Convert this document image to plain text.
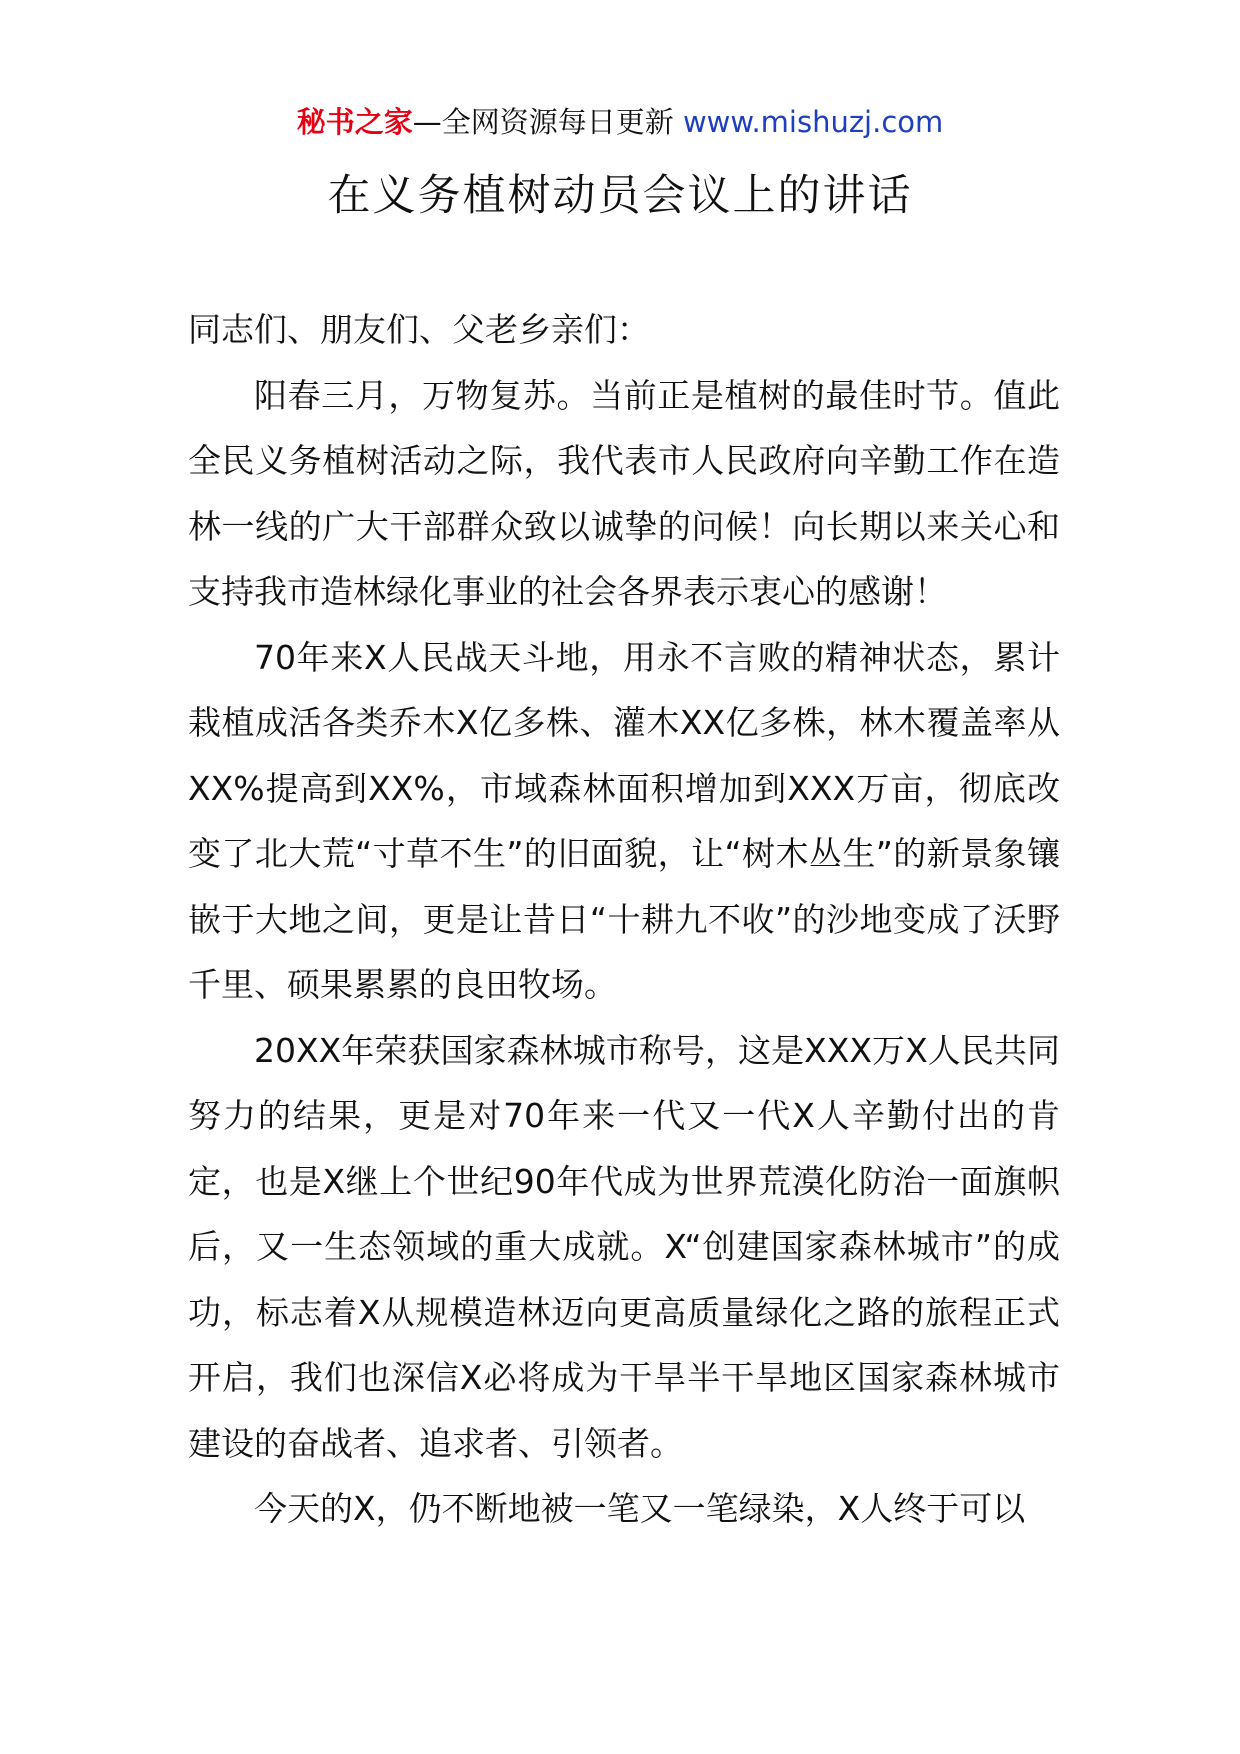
秘书之家—全网资源每日更新 www.mishuzj.com
在义务植树动员会议上的讲话

同志们、朋友们、父老乡亲们：

阳春三月，万物复苏。当前正是植树的最佳时节。值此全民义务植树活动之际，我代表市人民政府向辛勤工作在造林一线的广大干部群众致以诚挚的问候！向长期以来关心和支持我市造林绿化事业的社会各界表示衷心的感谢！

70年来X人民战天斗地，用永不言败的精神状态，累计栽植成活各类乔木X亿多株、灌木XX亿多株，林木覆盖率从XX%提高到XX%，市域森林面积增加到XXX万亩，彻底改变了北大荒“寸草不生”的旧面貌，让“树木丛生”的新景象镶嵌于大地之间，更是让昔日“十耕九不收”的沙地变成了沃野千里、硕果累累的良田牧场。

20XX年荣获国家森林城市称号，这是XXX万X人民共同努力的结果，更是对70年来一代又一代X人辛勤付出的肯定，也是X继上个世纪90年代成为世界荒漠化防治一面旗帜后，又一生态领域的重大成就。X“创建国家森林城市”的成功，标志着X从规模造林迈向更高质量绿化之路的旅程正式开启，我们也深信X必将成为干旱半干旱地区国家森林城市建设的奋战者、追求者、引领者。

今天的X，仍不断地被一笔又一笔绿染，X人终于可以
